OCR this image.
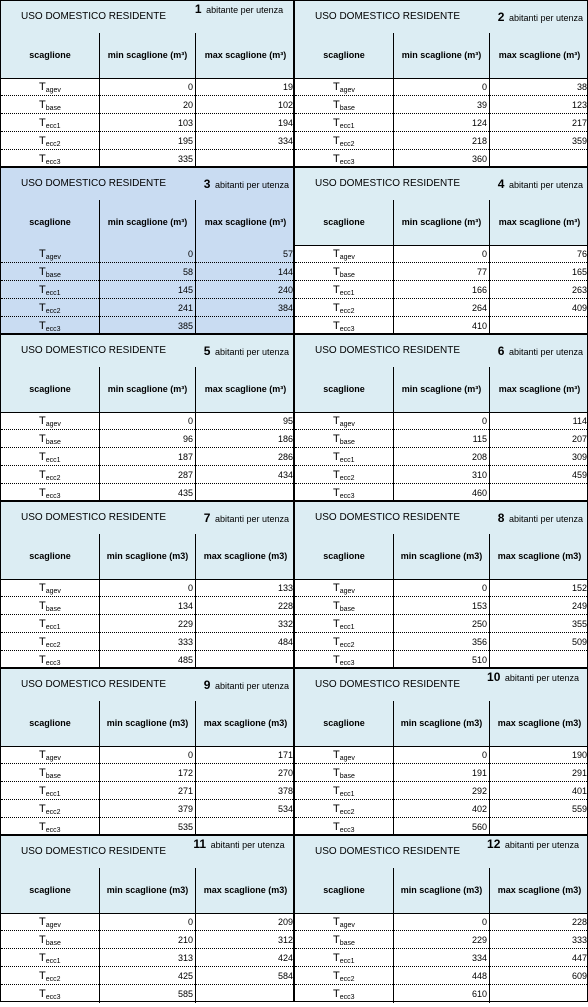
USO DOMESTICO RESIDENTE
1 abitante per utenza
scaglione	min scaglione (m³)	max scaglione (m³)
$T_{agev}$	0	19
$T_{base}$	20	102
$T_{ecc1}$	103	194
$T_{ecc2}$	195	334
$T_{ecc3}$	335
USO DOMESTICO RESIDENTE	2 abitanti per utenza
scaglione	min scaglione (m³)	max scaglione (m³)
$T_{agev}$	0	38
$T_{base}$	39	123
$T_{ecc1}$	124	217
$T_{ecc2}$	218	359
$T_{ecc3}$	360
USO DOMESTICO RESIDENTE	3 abitanti per utenza
scaglione	min scaglione (m³)	max scaglione (m³)
$T_{agev}$	0	57
$T_{base}$	58	144
$T_{ecc1}$	145	240
$T_{ecc2}$	241	384
$T_{ecc3}$	385
USO DOMESTICO RESIDENTE	4 abitanti per utenza
scaglione	min scaglione (m³)	max scaglione (m³)
$T_{agev}$	0	76
$T_{base}$	77	165
$T_{ecc1}$	166	263
$T_{ecc2}$	264	409
$T_{ecc3}$	410
USO DOMESTICO RESIDENTE	5 abitanti per utenza
scaglione	min scaglione (m³)	max scaglione (m³)
$T_{agev}$	0	95
$T_{base}$	96	186
$T_{ecc1}$	187	286
$T_{ecc2}$	287	434
$T_{ecc3}$	435
USO DOMESTICO RESIDENTE	6 abitanti per utenza
scaglione	min scaglione (m³)	max scaglione (m³)
$T_{agev}$	0	114
$T_{base}$	115	207
$T_{ecc1}$	208	309
$T_{ecc2}$	310	459
$T_{ecc3}$	460
USO DOMESTICO RESIDENTE	7 abitanti per utenza
scaglione	min scaglione (m3)	max scaglione (m3)
$T_{agev}$	0	133
$T_{base}$	134	228
$T_{ecc1}$	229	332
$T_{ecc2}$	333	484
$T_{ecc3}$	485
USO DOMESTICO RESIDENTE	8 abitanti per utenza
scaglione	min scaglione (m3)	max scaglione (m3)
$T_{agev}$	0	152
$T_{base}$	153	249
$T_{ecc1}$	250	355
$T_{ecc2}$	356	509
$T_{ecc3}$	510
USO DOMESTICO RESIDENTE	9 abitanti per utenza
scaglione	min scaglione (m3)	max scaglione (m3)
$T_{agev}$	0	171
$T_{base}$	172	270
$T_{ecc1}$	271	378
$T_{ecc2}$	379	534
$T_{ecc3}$	535
USO DOMESTICO RESIDENTE
10 abitanti per utenza
scaglione	min scaglione (m3)	max scaglione (m3)
$T_{agev}$	0	190
$T_{base}$	191	291
$T_{ecc1}$	292	401
$T_{ecc2}$	402	559
$T_{ecc3}$	560
USO DOMESTICO RESIDENTE
11 abitanti per utenza
scaglione	min scaglione (m3)	max scaglione (m3)
$T_{agev}$	0	209
$T_{base}$	210	312
$T_{ecc1}$	313	424
$T_{ecc2}$	425	584
$T_{ecc3}$	585
USO DOMESTICO RESIDENTE
12 abitanti per utenza
scaglione	min scaglione (m3)	max scaglione (m3)
$T_{agev}$	0	228
$T_{base}$	229	333
$T_{ecc1}$	334	447
$T_{ecc2}$	448	609
$T_{ecc3}$	610
